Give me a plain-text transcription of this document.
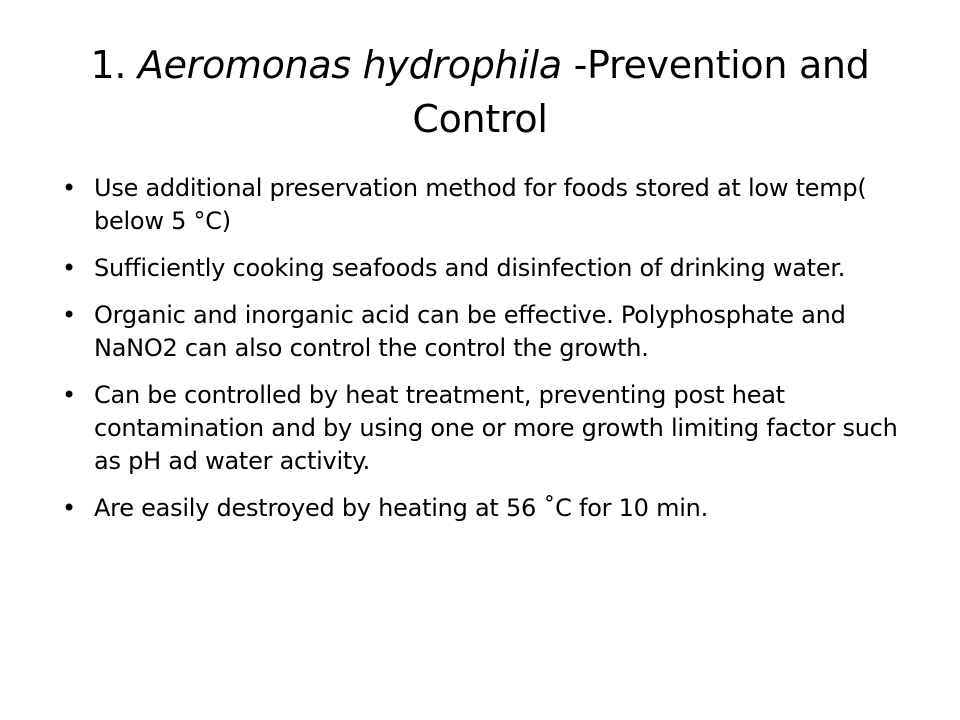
1. Aeromonas hydrophila -Prevention and Control
• Use additional preservation method for foods stored at low temp( below 5 °C)
• Sufficiently cooking seafoods and disinfection of drinking water.
• Organic and inorganic acid can be effective. Polyphosphate and NaNO2 can also control the control the growth.
• Can be controlled by heat treatment, preventing post heat contamination and by using one or more growth limiting factor such as pH ad water activity.
• Are easily destroyed by heating at 56 ˚C for 10 min.
